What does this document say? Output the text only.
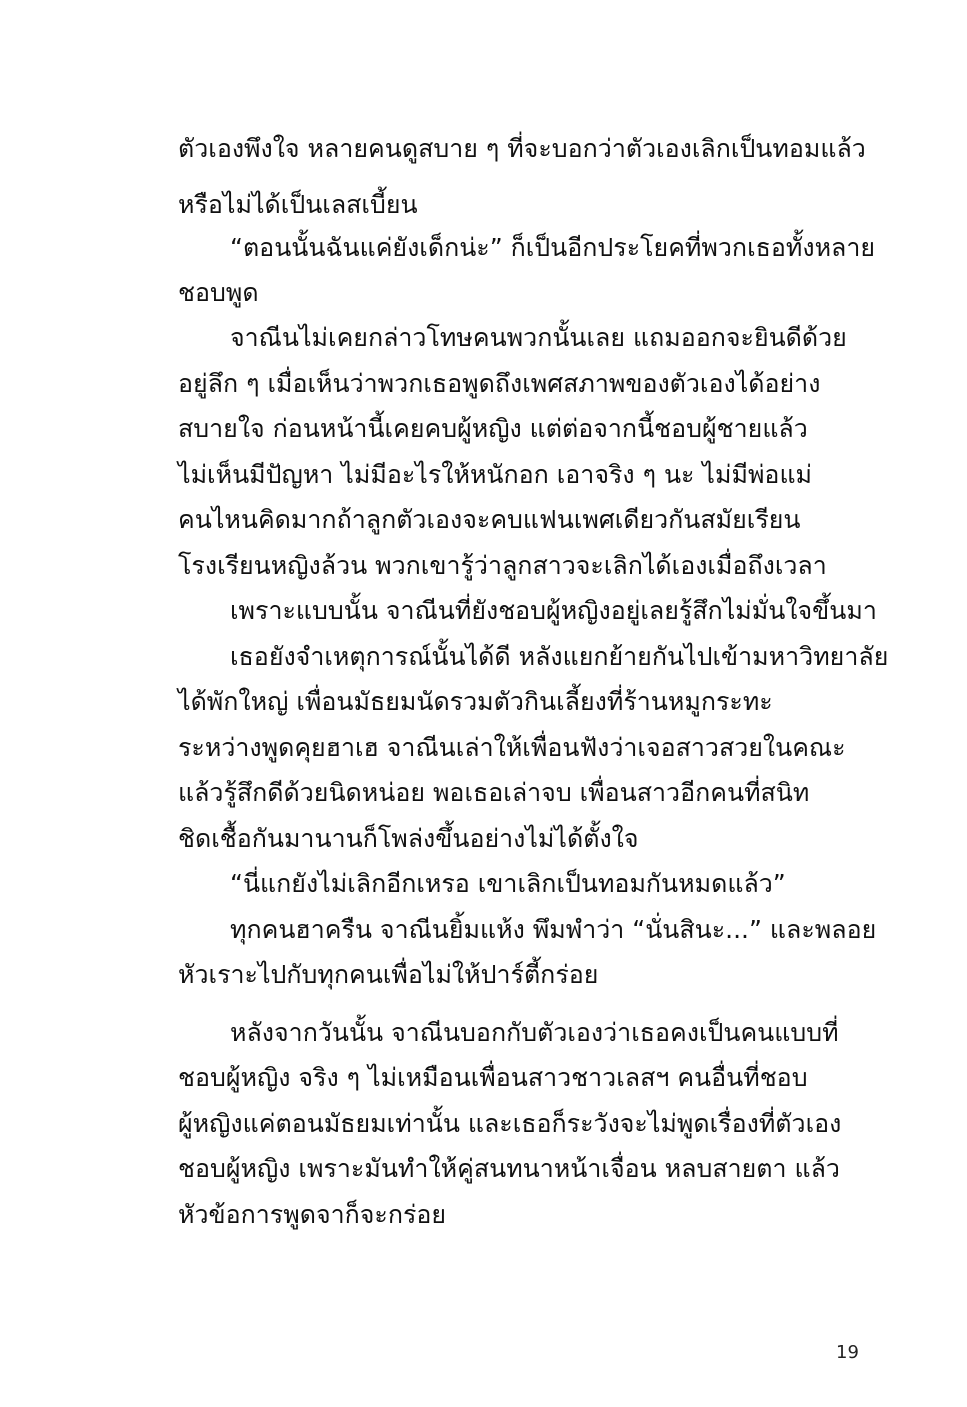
ตัวเองพึงใจ หลายคนดูสบาย ๆ ที่จะบอกว่าตัวเองเลิกเป็นทอมแล้ว
หรือไม่ได้เป็นเลสเบี้ยน
“ตอนนั้นฉันแค่ยังเด็กน่ะ” ก็เป็นอีกประโยคที่พวกเธอทั้งหลาย
ชอบพูด
จาณีนไม่เคยกล่าวโทษคนพวกนั้นเลย แถมออกจะยินดีด้วย
อยู่ลึก ๆ เมื่อเห็นว่าพวกเธอพูดถึงเพศสภาพของตัวเองได้อย่าง
สบายใจ ก่อนหน้านี้เคยคบผู้หญิง แต่ต่อจากนี้ชอบผู้ชายแล้ว
ไม่เห็นมีปัญหา ไม่มีอะไรให้หนักอก เอาจริง ๆ นะ ไม่มีพ่อแม่
คนไหนคิดมากถ้าลูกตัวเองจะคบแฟนเพศเดียวกันสมัยเรียน
โรงเรียนหญิงล้วน พวกเขารู้ว่าลูกสาวจะเลิกได้เองเมื่อถึงเวลา
เพราะแบบนั้น จาณีนที่ยังชอบผู้หญิงอยู่เลยรู้สึกไม่มั่นใจขึ้นมา
เธอยังจำเหตุการณ์นั้นได้ดี หลังแยกย้ายกันไปเข้ามหาวิทยาลัย
ได้พักใหญ่ เพื่อนมัธยมนัดรวมตัวกินเลี้ยงที่ร้านหมูกระทะ
ระหว่างพูดคุยฮาเฮ จาณีนเล่าให้เพื่อนฟังว่าเจอสาวสวยในคณะ
แล้วรู้สึกดีด้วยนิดหน่อย พอเธอเล่าจบ เพื่อนสาวอีกคนที่สนิท
ชิดเชื้อกันมานานก็โพล่งขึ้นอย่างไม่ได้ตั้งใจ
“นี่แกยังไม่เลิกอีกเหรอ เขาเลิกเป็นทอมกันหมดแล้ว”
ทุกคนฮาครืน จาณีนยิ้มแห้ง พึมพำว่า “นั่นสินะ...” และพลอย
หัวเราะไปกับทุกคนเพื่อไม่ให้ปาร์ตี้กร่อย
หลังจากวันนั้น จาณีนบอกกับตัวเองว่าเธอคงเป็นคนแบบที่
ชอบผู้หญิง จริง ๆ ไม่เหมือนเพื่อนสาวชาวเลสฯ คนอื่นที่ชอบ
ผู้หญิงแค่ตอนมัธยมเท่านั้น และเธอก็ระวังจะไม่พูดเรื่องที่ตัวเอง
ชอบผู้หญิง เพราะมันทำให้คู่สนทนาหน้าเจื่อน หลบสายตา แล้ว
หัวข้อการพูดจาก็จะกร่อย
19
